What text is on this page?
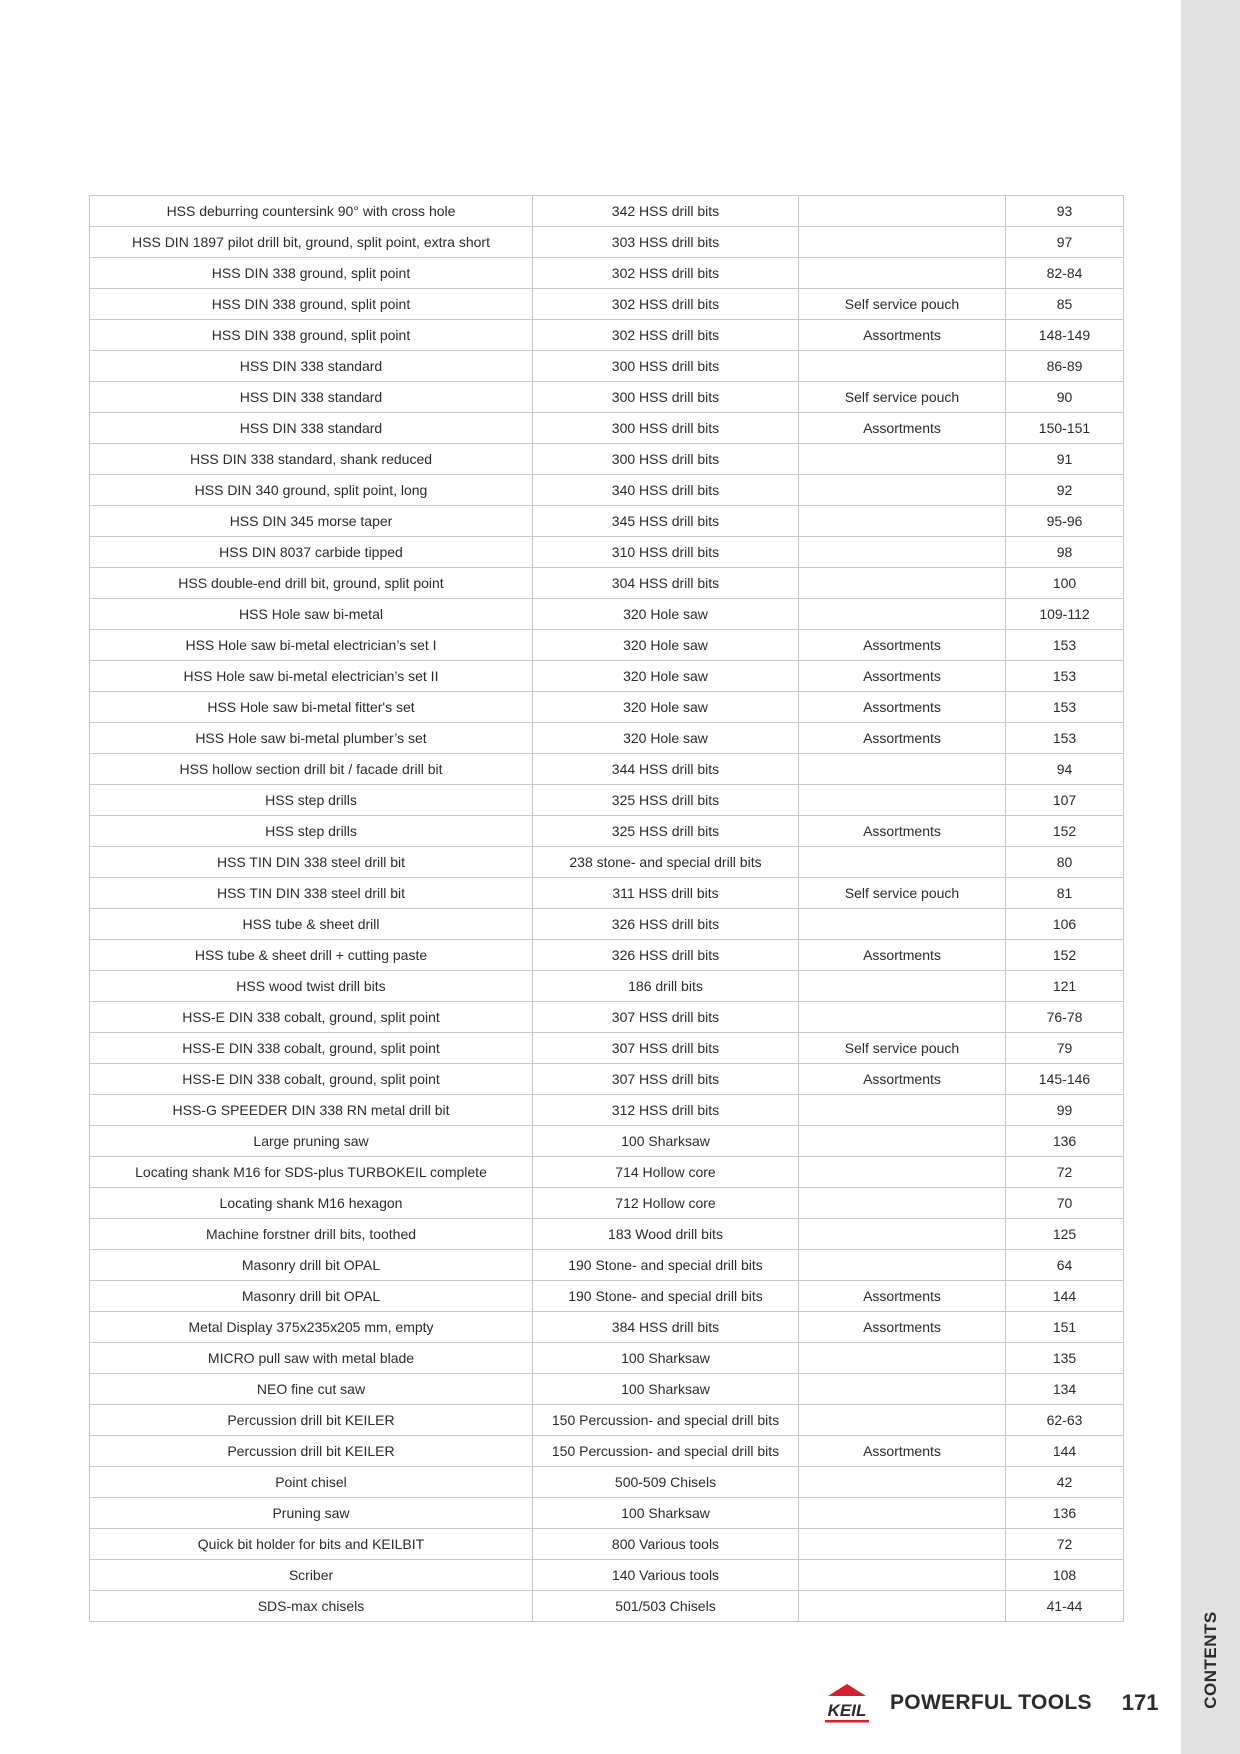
CONTENTS
HSS deburring countersink 90° with cross hole	342 HSS drill bits		93
HSS DIN 1897 pilot drill bit, ground, split point, extra short	303 HSS drill bits		97
HSS DIN 338 ground, split point	302 HSS drill bits		82-84
HSS DIN 338 ground, split point	302 HSS drill bits	Self service pouch	85
HSS DIN 338 ground, split point	302 HSS drill bits	Assortments	148-149
HSS DIN 338 standard	300 HSS drill bits		86-89
HSS DIN 338 standard	300 HSS drill bits	Self service pouch	90
HSS DIN 338 standard	300 HSS drill bits	Assortments	150-151
HSS DIN 338 standard, shank reduced	300 HSS drill bits		91
HSS DIN 340 ground, split point, long	340 HSS drill bits		92
HSS DIN 345 morse taper	345 HSS drill bits		95-96
HSS DIN 8037 carbide tipped	310 HSS drill bits		98
HSS double-end drill bit, ground, split point	304 HSS drill bits		100
HSS Hole saw bi-metal	320 Hole saw		109-112
HSS Hole saw bi-metal electrician’s set I	320 Hole saw	Assortments	153
HSS Hole saw bi-metal electrician’s set II	320 Hole saw	Assortments	153
HSS Hole saw bi-metal fitter's set	320 Hole saw	Assortments	153
HSS Hole saw bi-metal plumber’s set	320 Hole saw	Assortments	153
HSS hollow section drill bit / facade drill bit	344 HSS drill bits		94
HSS step drills	325 HSS drill bits		107
HSS step drills	325 HSS drill bits	Assortments	152
HSS TIN DIN 338 steel drill bit	238 stone- and special drill bits		80
HSS TIN DIN 338 steel drill bit	311 HSS drill bits	Self service pouch	81
HSS tube & sheet drill	326 HSS drill bits		106
HSS tube & sheet drill + cutting paste	326 HSS drill bits	Assortments	152
HSS wood twist drill bits	186 drill bits		121
HSS-E DIN 338 cobalt, ground, split point	307 HSS drill bits		76-78
HSS-E DIN 338 cobalt, ground, split point	307 HSS drill bits	Self service pouch	79
HSS-E DIN 338 cobalt, ground, split point	307 HSS drill bits	Assortments	145-146
HSS-G SPEEDER DIN 338 RN metal drill bit	312 HSS drill bits		99
Large pruning saw	100 Sharksaw		136
Locating shank M16 for SDS-plus TURBOKEIL complete	714 Hollow core		72
Locating shank M16 hexagon	712 Hollow core		70
Machine forstner drill bits, toothed	183 Wood drill bits		125
Masonry drill bit OPAL	190 Stone- and special drill bits		64
Masonry drill bit OPAL	190 Stone- and special drill bits	Assortments	144
Metal Display 375x235x205 mm, empty	384 HSS drill bits	Assortments	151
MICRO pull saw with metal blade	100 Sharksaw		135
NEO fine cut saw	100 Sharksaw		134
Percussion drill bit KEILER	150 Percussion- and special drill bits		62-63
Percussion drill bit KEILER	150 Percussion- and special drill bits	Assortments	144
Point chisel	500-509 Chisels		42
Pruning saw	100 Sharksaw		136
Quick bit holder for bits and KEILBIT	800 Various tools		72
Scriber	140 Various tools		108
SDS-max chisels	501/503 Chisels		41-44
KEIL POWERFUL TOOLS 171
